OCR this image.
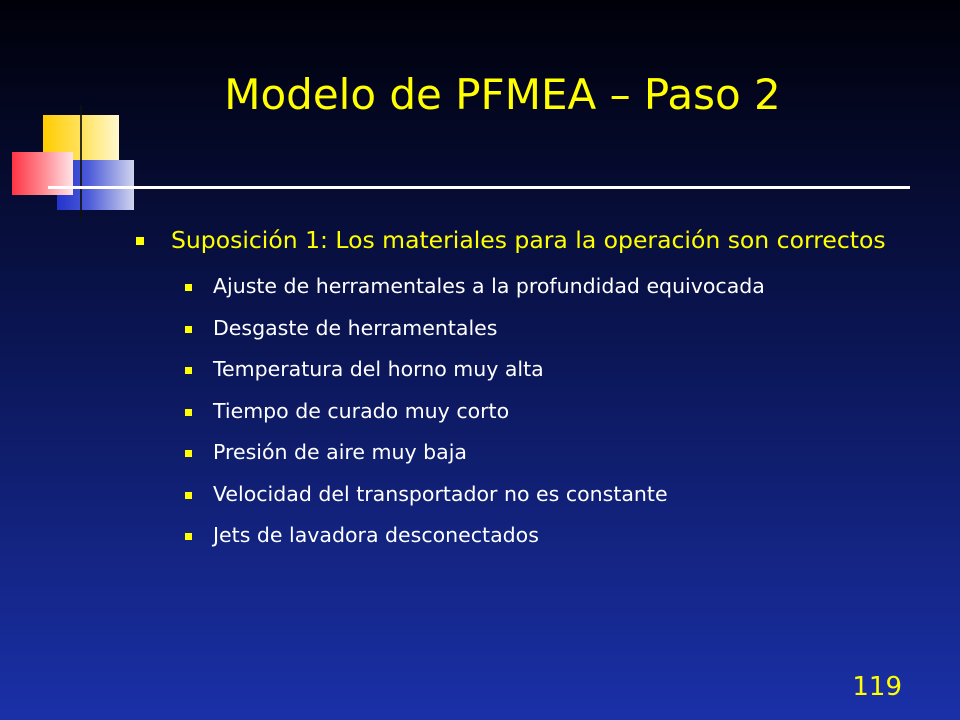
Modelo de PFMEA – Paso 2
Suposición 1: Los materiales para la operación son correctos
Ajuste de herramentales a la profundidad equivocada
Desgaste de herramentales
Temperatura del horno muy alta
Tiempo de curado muy corto
Presión de aire muy baja
Velocidad del transportador no es constante
Jets de lavadora desconectados
119
